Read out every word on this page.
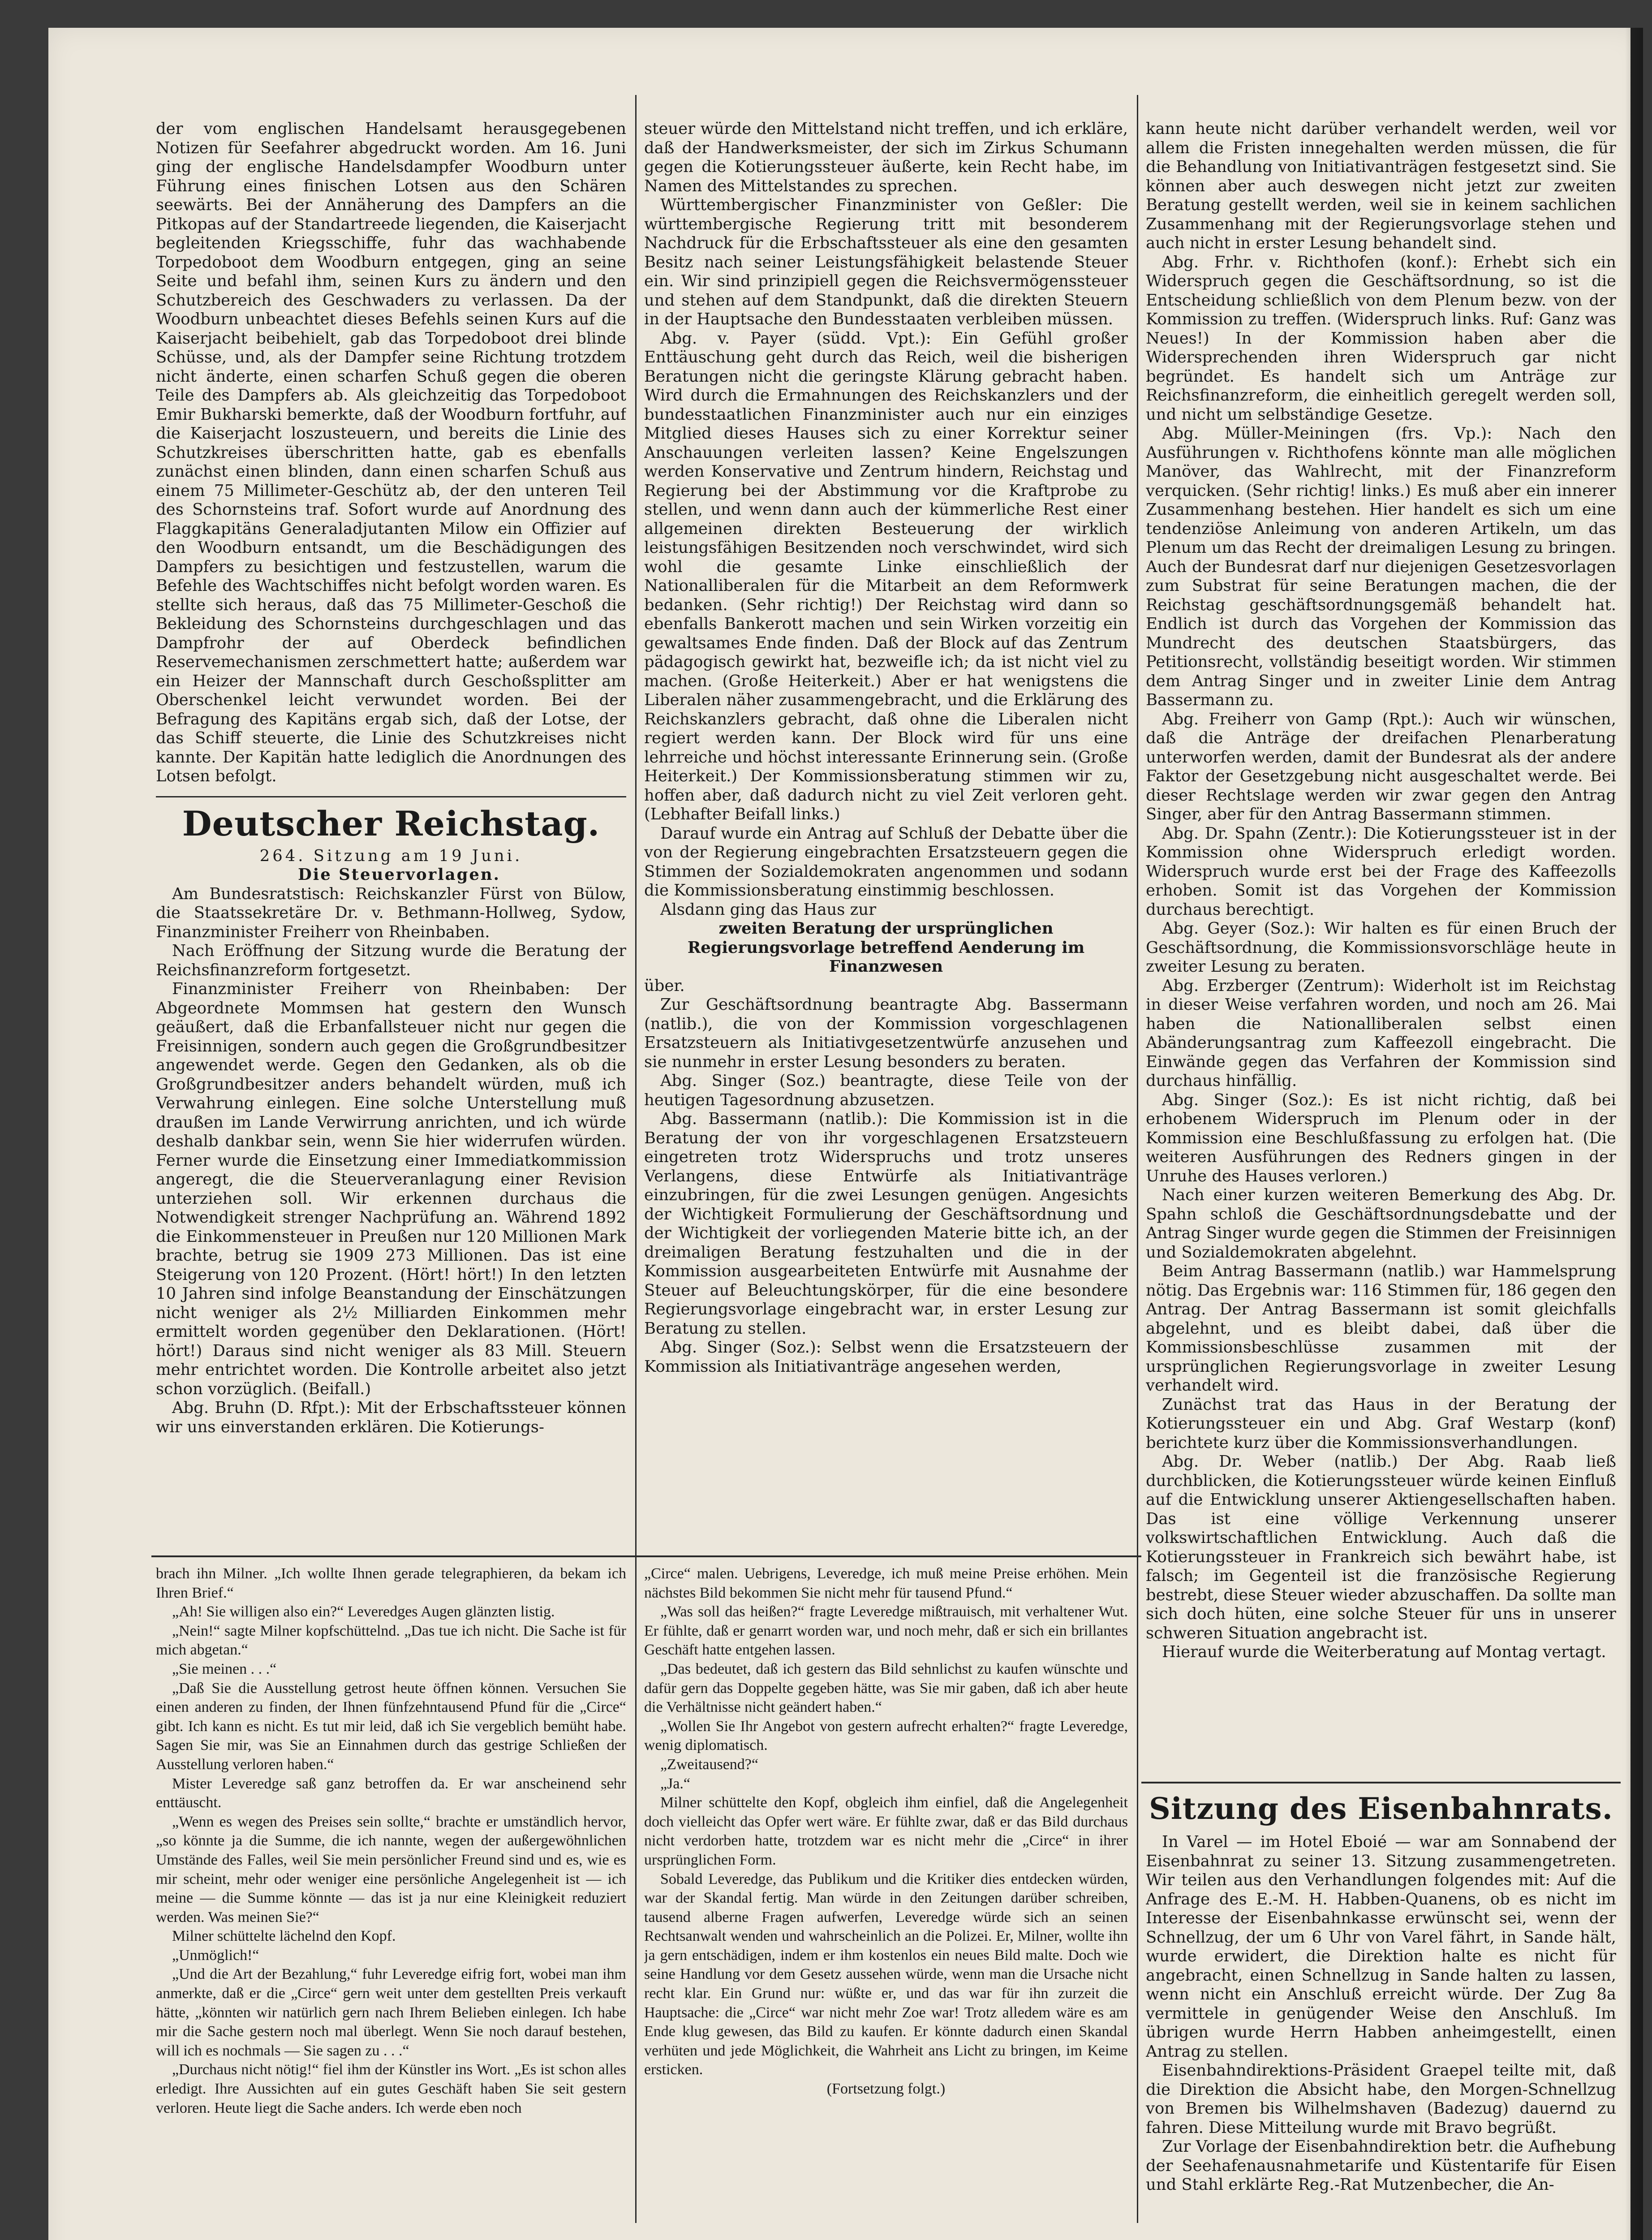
der vom englischen Handelsamt herausgegebenen Notizen für Seefahrer abgedruckt worden. Am 16. Juni ging der englische Handelsdampfer Woodburn unter Führung eines finischen Lotsen aus den Schären seewärts. Bei der Annäherung des Dampfers an die Pitkopas auf der Standartreede liegenden, die Kaiserjacht begleitenden Kriegsschiffe, fuhr das wachhabende Torpedoboot dem Woodburn entgegen, ging an seine Seite und befahl ihm, seinen Kurs zu ändern und den Schutzbereich des Geschwaders zu verlassen. Da der Woodburn unbeachtet dieses Befehls seinen Kurs auf die Kaiserjacht beibehielt, gab das Torpedoboot drei blinde Schüsse, und, als der Dampfer seine Richtung trotzdem nicht änderte, einen scharfen Schuß gegen die oberen Teile des Dampfers ab. Als gleichzeitig das Torpedoboot Emir Bukharski bemerkte, daß der Woodburn fortfuhr, auf die Kaiserjacht loszusteuern, und bereits die Linie des Schutzkreises überschritten hatte, gab es ebenfalls zunächst einen blinden, dann einen scharfen Schuß aus einem 75 Millimeter-Geschütz ab, der den unteren Teil des Schornsteins traf. Sofort wurde auf Anordnung des Flaggkapitäns Generaladjutanten Milow ein Offizier auf den Woodburn entsandt, um die Beschädigungen des Dampfers zu besichtigen und festzustellen, warum die Befehle des Wachtschiffes nicht befolgt worden waren. Es stellte sich heraus, daß das 75 Millimeter-Geschoß die Bekleidung des Schornsteins durchgeschlagen und das Dampfrohr der auf Oberdeck befindlichen Reservemechanismen zerschmettert hatte; außerdem war ein Heizer der Mannschaft durch Geschoßsplitter am Oberschenkel leicht verwundet worden. Bei der Befragung des Kapitäns ergab sich, daß der Lotse, der das Schiff steuerte, die Linie des Schutzkreises nicht kannte. Der Kapitän hatte lediglich die Anordnungen des Lotsen befolgt.

Deutscher Reichstag.

264. Sitzung am 19 Juni.

Die Steuervorlagen.

Am Bundesratstisch: Reichskanzler Fürst von Bülow, die Staatssekretäre Dr. v. Bethmann-Hollweg, Sydow, Finanzminister Freiherr von Rheinbaben.

Nach Eröffnung der Sitzung wurde die Beratung der Reichsfinanzreform fortgesetzt.

Finanzminister Freiherr von Rheinbaben: Der Abgeordnete Mommsen hat gestern den Wunsch geäußert, daß die Erbanfallsteuer nicht nur gegen die Freisinnigen, sondern auch gegen die Großgrundbesitzer angewendet werde. Gegen den Gedanken, als ob die Großgrundbesitzer anders behandelt würden, muß ich Verwahrung einlegen. Eine solche Unterstellung muß draußen im Lande Verwirrung anrichten, und ich würde deshalb dankbar sein, wenn Sie hier widerrufen würden. Ferner wurde die Einsetzung einer Immediatkommission angeregt, die die Steuerveranlagung einer Revision unterziehen soll. Wir erkennen durchaus die Notwendigkeit strenger Nachprüfung an. Während 1892 die Einkommensteuer in Preußen nur 120 Millionen Mark brachte, betrug sie 1909 273 Millionen. Das ist eine Steigerung von 120 Prozent. (Hört! hört!) In den letzten 10 Jahren sind infolge Beanstandung der Einschätzungen nicht weniger als 2½ Milliarden Einkommen mehr ermittelt worden gegenüber den Deklarationen. (Hört! hört!) Daraus sind nicht weniger als 83 Mill. Steuern mehr entrichtet worden. Die Kontrolle arbeitet also jetzt schon vorzüglich. (Beifall.)

Abg. Bruhn (D. Rfpt.): Mit der Erbschaftssteuer können wir uns einverstanden erklären. Die Kotierungs-

steuer würde den Mittelstand nicht treffen, und ich erkläre, daß der Handwerksmeister, der sich im Zirkus Schumann gegen die Kotierungssteuer äußerte, kein Recht habe, im Namen des Mittelstandes zu sprechen.

Württembergischer Finanzminister von Geßler: Die württembergische Regierung tritt mit besonderem Nachdruck für die Erbschaftssteuer als eine den gesamten Besitz nach seiner Leistungsfähigkeit belastende Steuer ein. Wir sind prinzipiell gegen die Reichsvermögenssteuer und stehen auf dem Standpunkt, daß die direkten Steuern in der Hauptsache den Bundesstaaten verbleiben müssen.

Abg. v. Payer (südd. Vpt.): Ein Gefühl großer Enttäuschung geht durch das Reich, weil die bisherigen Beratungen nicht die geringste Klärung gebracht haben. Wird durch die Ermahnungen des Reichskanzlers und der bundesstaatlichen Finanzminister auch nur ein einziges Mitglied dieses Hauses sich zu einer Korrektur seiner Anschauungen verleiten lassen? Keine Engelszungen werden Konservative und Zentrum hindern, Reichstag und Regierung bei der Abstimmung vor die Kraftprobe zu stellen, und wenn dann auch der kümmerliche Rest einer allgemeinen direkten Besteuerung der wirklich leistungsfähigen Besitzenden noch verschwindet, wird sich wohl die gesamte Linke einschließlich der Nationalliberalen für die Mitarbeit an dem Reformwerk bedanken. (Sehr richtig!) Der Reichstag wird dann so ebenfalls Bankerott machen und sein Wirken vorzeitig ein gewaltsames Ende finden. Daß der Block auf das Zentrum pädagogisch gewirkt hat, bezweifle ich; da ist nicht viel zu machen. (Große Heiterkeit.) Aber er hat wenigstens die Liberalen näher zusammengebracht, und die Erklärung des Reichskanzlers gebracht, daß ohne die Liberalen nicht regiert werden kann. Der Block wird für uns eine lehrreiche und höchst interessante Erinnerung sein. (Große Heiterkeit.) Der Kommissionsberatung stimmen wir zu, hoffen aber, daß dadurch nicht zu viel Zeit verloren geht. (Lebhafter Beifall links.)

Darauf wurde ein Antrag auf Schluß der Debatte über die von der Regierung eingebrachten Ersatzsteuern gegen die Stimmen der Sozialdemokraten angenommen und sodann die Kommissionsberatung einstimmig beschlossen.

Alsdann ging das Haus zur

zweiten Beratung der ursprünglichen Regierungsvorlage betreffend Aenderung im Finanzwesen

über.

Zur Geschäftsordnung beantragte Abg. Bassermann (natlib.), die von der Kommission vorgeschlagenen Ersatzsteuern als Initiativgesetzentwürfe anzusehen und sie nunmehr in erster Lesung besonders zu beraten.

Abg. Singer (Soz.) beantragte, diese Teile von der heutigen Tagesordnung abzusetzen.

Abg. Bassermann (natlib.): Die Kommission ist in die Beratung der von ihr vorgeschlagenen Ersatzsteuern eingetreten trotz Widerspruchs und trotz unseres Verlangens, diese Entwürfe als Initiativanträge einzubringen, für die zwei Lesungen genügen. Angesichts der Wichtigkeit Formulierung der Geschäftsordnung und der Wichtigkeit der vorliegenden Materie bitte ich, an der dreimaligen Beratung festzuhalten und die in der Kommission ausgearbeiteten Entwürfe mit Ausnahme der Steuer auf Beleuchtungskörper, für die eine besondere Regierungsvorlage eingebracht war, in erster Lesung zur Beratung zu stellen.

Abg. Singer (Soz.): Selbst wenn die Ersatzsteuern der Kommission als Initiativanträge angesehen werden,

kann heute nicht darüber verhandelt werden, weil vor allem die Fristen innegehalten werden müssen, die für die Behandlung von Initiativanträgen festgesetzt sind. Sie können aber auch deswegen nicht jetzt zur zweiten Beratung gestellt werden, weil sie in keinem sachlichen Zusammenhang mit der Regierungsvorlage stehen und auch nicht in erster Lesung behandelt sind.

Abg. Frhr. v. Richthofen (konf.): Erhebt sich ein Widerspruch gegen die Geschäftsordnung, so ist die Entscheidung schließlich von dem Plenum bezw. von der Kommission zu treffen. (Widerspruch links. Ruf: Ganz was Neues!) In der Kommission haben aber die Widersprechenden ihren Widerspruch gar nicht begründet. Es handelt sich um Anträge zur Reichsfinanzreform, die einheitlich geregelt werden soll, und nicht um selbständige Gesetze.

Abg. Müller-Meiningen (frs. Vp.): Nach den Ausführungen v. Richthofens könnte man alle möglichen Manöver, das Wahlrecht, mit der Finanzreform verquicken. (Sehr richtig! links.) Es muß aber ein innerer Zusammenhang bestehen. Hier handelt es sich um eine tendenziöse Anleimung von anderen Artikeln, um das Plenum um das Recht der dreimaligen Lesung zu bringen. Auch der Bundesrat darf nur diejenigen Gesetzesvorlagen zum Substrat für seine Beratungen machen, die der Reichstag geschäftsordnungsgemäß behandelt hat. Endlich ist durch das Vorgehen der Kommission das Mundrecht des deutschen Staatsbürgers, das Petitionsrecht, vollständig beseitigt worden. Wir stimmen dem Antrag Singer und in zweiter Linie dem Antrag Bassermann zu.

Abg. Freiherr von Gamp (Rpt.): Auch wir wünschen, daß die Anträge der dreifachen Plenarberatung unterworfen werden, damit der Bundesrat als der andere Faktor der Gesetzgebung nicht ausgeschaltet werde. Bei dieser Rechtslage werden wir zwar gegen den Antrag Singer, aber für den Antrag Bassermann stimmen.

Abg. Dr. Spahn (Zentr.): Die Kotierungssteuer ist in der Kommission ohne Widerspruch erledigt worden. Widerspruch wurde erst bei der Frage des Kaffeezolls erhoben. Somit ist das Vorgehen der Kommission durchaus berechtigt.

Abg. Geyer (Soz.): Wir halten es für einen Bruch der Geschäftsordnung, die Kommissionsvorschläge heute in zweiter Lesung zu beraten.

Abg. Erzberger (Zentrum): Widerholt ist im Reichstag in dieser Weise verfahren worden, und noch am 26. Mai haben die Nationalliberalen selbst einen Abänderungsantrag zum Kaffeezoll eingebracht. Die Einwände gegen das Verfahren der Kommission sind durchaus hinfällig.

Abg. Singer (Soz.): Es ist nicht richtig, daß bei erhobenem Widerspruch im Plenum oder in der Kommission eine Beschlußfassung zu erfolgen hat. (Die weiteren Ausführungen des Redners gingen in der Unruhe des Hauses verloren.)

Nach einer kurzen weiteren Bemerkung des Abg. Dr. Spahn schloß die Geschäftsordnungsdebatte und der Antrag Singer wurde gegen die Stimmen der Freisinnigen und Sozialdemokraten abgelehnt.

Beim Antrag Bassermann (natlib.) war Hammelsprung nötig. Das Ergebnis war: 116 Stimmen für, 186 gegen den Antrag. Der Antrag Bassermann ist somit gleichfalls abgelehnt, und es bleibt dabei, daß über die Kommissionsbeschlüsse zusammen mit der ursprünglichen Regierungsvorlage in zweiter Lesung verhandelt wird.

Zunächst trat das Haus in der Beratung der Kotierungssteuer ein und Abg. Graf Westarp (konf) berichtete kurz über die Kommissionsverhandlungen.

Abg. Dr. Weber (natlib.) Der Abg. Raab ließ durchblicken, die Kotierungssteuer würde keinen Einfluß auf die Entwicklung unserer Aktiengesellschaften haben. Das ist eine völlige Verkennung unserer volkswirtschaftlichen Entwicklung. Auch daß die Kotierungssteuer in Frankreich sich bewährt habe, ist falsch; im Gegenteil ist die französische Regierung bestrebt, diese Steuer wieder abzuschaffen. Da sollte man sich doch hüten, eine solche Steuer für uns in unserer schweren Situation angebracht ist.

Hierauf wurde die Weiterberatung auf Montag vertagt.

Sitzung des Eisenbahnrats.

In Varel — im Hotel Eboié — war am Sonnabend der Eisenbahnrat zu seiner 13. Sitzung zusammengetreten. Wir teilen aus den Verhandlungen folgendes mit: Auf die Anfrage des E.-M. H. Habben-Quanens, ob es nicht im Interesse der Eisenbahnkasse erwünscht sei, wenn der Schnellzug, der um 6 Uhr von Varel fährt, in Sande hält, wurde erwidert, die Direktion halte es nicht für angebracht, einen Schnellzug in Sande halten zu lassen, wenn nicht ein Anschluß erreicht würde. Der Zug 8a vermittele in genügender Weise den Anschluß. Im übrigen wurde Herrn Habben anheimgestellt, einen Antrag zu stellen.

Eisenbahndirektions-Präsident Graepel teilte mit, daß die Direktion die Absicht habe, den Morgen-Schnellzug von Bremen bis Wilhelmshaven (Badezug) dauernd zu fahren. Diese Mitteilung wurde mit Bravo begrüßt.

Zur Vorlage der Eisenbahndirektion betr. die Aufhebung der Seehafenausnahmetarife und Küstentarife für Eisen und Stahl erklärte Reg.-Rat Mutzenbecher, die An-

brach ihn Milner. „Ich wollte Ihnen gerade telegraphieren, da bekam ich Ihren Brief.“

„Ah! Sie willigen also ein?“ Leveredges Augen glänzten listig.

„Nein!“ sagte Milner kopfschüttelnd. „Das tue ich nicht. Die Sache ist für mich abgetan.“

„Sie meinen . . .“

„Daß Sie die Ausstellung getrost heute öffnen können. Versuchen Sie einen anderen zu finden, der Ihnen fünfzehntausend Pfund für die „Circe“ gibt. Ich kann es nicht. Es tut mir leid, daß ich Sie vergeblich bemüht habe. Sagen Sie mir, was Sie an Einnahmen durch das gestrige Schließen der Ausstellung verloren haben.“

Mister Leveredge saß ganz betroffen da. Er war anscheinend sehr enttäuscht.

„Wenn es wegen des Preises sein sollte,“ brachte er umständlich hervor, „so könnte ja die Summe, die ich nannte, wegen der außergewöhnlichen Umstände des Falles, weil Sie mein persönlicher Freund sind und es, wie es mir scheint, mehr oder weniger eine persönliche Angelegenheit ist — ich meine — die Summe könnte — das ist ja nur eine Kleinigkeit reduziert werden. Was meinen Sie?“

Milner schüttelte lächelnd den Kopf.

„Unmöglich!“

„Und die Art der Bezahlung,“ fuhr Leveredge eifrig fort, wobei man ihm anmerkte, daß er die „Circe“ gern weit unter dem gestellten Preis verkauft hätte, „könnten wir natürlich gern nach Ihrem Belieben einlegen. Ich habe mir die Sache gestern noch mal überlegt. Wenn Sie noch darauf bestehen, will ich es nochmals — Sie sagen zu . . .“

„Durchaus nicht nötig!“ fiel ihm der Künstler ins Wort. „Es ist schon alles erledigt. Ihre Aussichten auf ein gutes Geschäft haben Sie seit gestern verloren. Heute liegt die Sache anders. Ich werde eben noch

„Circe“ malen. Uebrigens, Leveredge, ich muß meine Preise erhöhen. Mein nächstes Bild bekommen Sie nicht mehr für tausend Pfund.“

„Was soll das heißen?“ fragte Leveredge mißtrauisch, mit verhaltener Wut. Er fühlte, daß er genarrt worden war, und noch mehr, daß er sich ein brillantes Geschäft hatte entgehen lassen.

„Das bedeutet, daß ich gestern das Bild sehnlichst zu kaufen wünschte und dafür gern das Doppelte gegeben hätte, was Sie mir gaben, daß ich aber heute die Verhältnisse nicht geändert haben.“

„Wollen Sie Ihr Angebot von gestern aufrecht erhalten?“ fragte Leveredge, wenig diplomatisch.

„Zweitausend?“

„Ja.“

Milner schüttelte den Kopf, obgleich ihm einfiel, daß die Angelegenheit doch vielleicht das Opfer wert wäre. Er fühlte zwar, daß er das Bild durchaus nicht verdorben hatte, trotzdem war es nicht mehr die „Circe“ in ihrer ursprünglichen Form.

Sobald Leveredge, das Publikum und die Kritiker dies entdecken würden, war der Skandal fertig. Man würde in den Zeitungen darüber schreiben, tausend alberne Fragen aufwerfen, Leveredge würde sich an seinen Rechtsanwalt wenden und wahrscheinlich an die Polizei. Er, Milner, wollte ihn ja gern entschädigen, indem er ihm kostenlos ein neues Bild malte. Doch wie seine Handlung vor dem Gesetz aussehen würde, wenn man die Ursache nicht recht klar. Ein Grund nur: wüßte er, und das war für ihn zurzeit die Hauptsache: die „Circe“ war nicht mehr Zoe war! Trotz alledem wäre es am Ende klug gewesen, das Bild zu kaufen. Er könnte dadurch einen Skandal verhüten und jede Möglichkeit, die Wahrheit ans Licht zu bringen, im Keime ersticken.

(Fortsetzung folgt.)
